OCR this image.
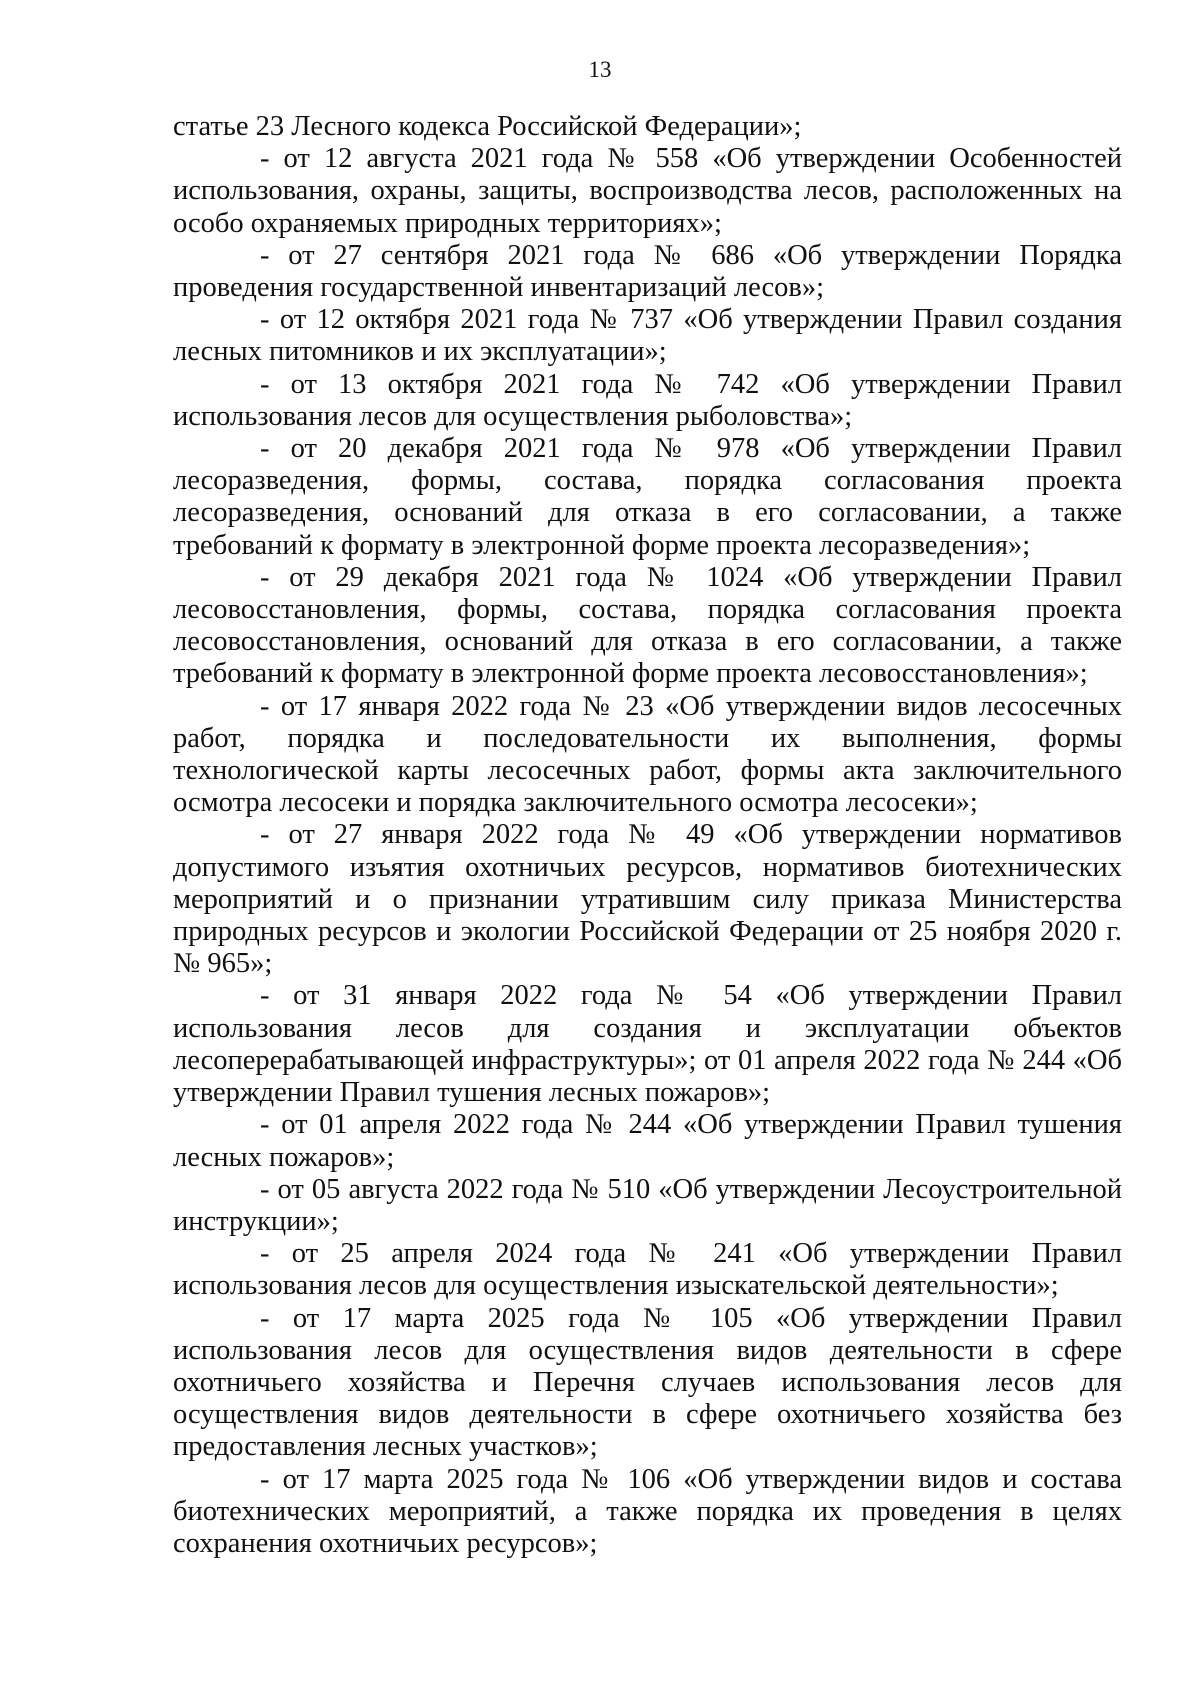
13

статье 23 Лесного кодекса Российской Федерации»;

- от 12 августа 2021 года № 558 «Об утверждении Особенностей использования, охраны, защиты, воспроизводства лесов, расположенных на особо охраняемых природных территориях»;

- от 27 сентября 2021 года № 686 «Об утверждении Порядка проведения государственной инвентаризаций лесов»;

- от 12 октября 2021 года № 737 «Об утверждении Правил создания лесных питомников и их эксплуатации»;

- от 13 октября 2021 года № 742 «Об утверждении Правил использования лесов для осуществления рыболовства»;

- от 20 декабря 2021 года № 978 «Об утверждении Правил лесоразведения, формы, состава, порядка согласования проекта лесоразведения, оснований для отказа в его согласовании, а также требований к формату в электронной форме проекта лесоразведения»;

- от 29 декабря 2021 года № 1024 «Об утверждении Правил лесовосстановления, формы, состава, порядка согласования проекта лесовосстановления, оснований для отказа в его согласовании, а также требований к формату в электронной форме проекта лесовосстановления»;

- от 17 января 2022 года № 23 «Об утверждении видов лесосечных работ, порядка и последовательности их выполнения, формы технологической карты лесосечных работ, формы акта заключительного осмотра лесосеки и порядка заключительного осмотра лесосеки»;

- от 27 января 2022 года № 49 «Об утверждении нормативов допустимого изъятия охотничьих ресурсов, нормативов биотехнических мероприятий и о признании утратившим силу приказа Министерства природных ресурсов и экологии Российской Федерации от 25 ноября 2020 г. № 965»;

- от 31 января 2022 года № 54 «Об утверждении Правил использования лесов для создания и эксплуатации объектов лесоперерабатывающей инфраструктуры»; от 01 апреля 2022 года № 244 «Об утверждении Правил тушения лесных пожаров»;

- от 01 апреля 2022 года № 244 «Об утверждении Правил тушения лесных пожаров»;

- от 05 августа 2022 года № 510 «Об утверждении Лесоустроительной инструкции»;

- от 25 апреля 2024 года № 241 «Об утверждении Правил использования лесов для осуществления изыскательской деятельности»;

- от 17 марта 2025 года № 105 «Об утверждении Правил использования лесов для осуществления видов деятельности в сфере охотничьего хозяйства и Перечня случаев использования лесов для осуществления видов деятельности в сфере охотничьего хозяйства без предоставления лесных участков»;

- от 17 марта 2025 года № 106 «Об утверждении видов и состава биотехнических мероприятий, а также порядка их проведения в целях сохранения охотничьих ресурсов»;
